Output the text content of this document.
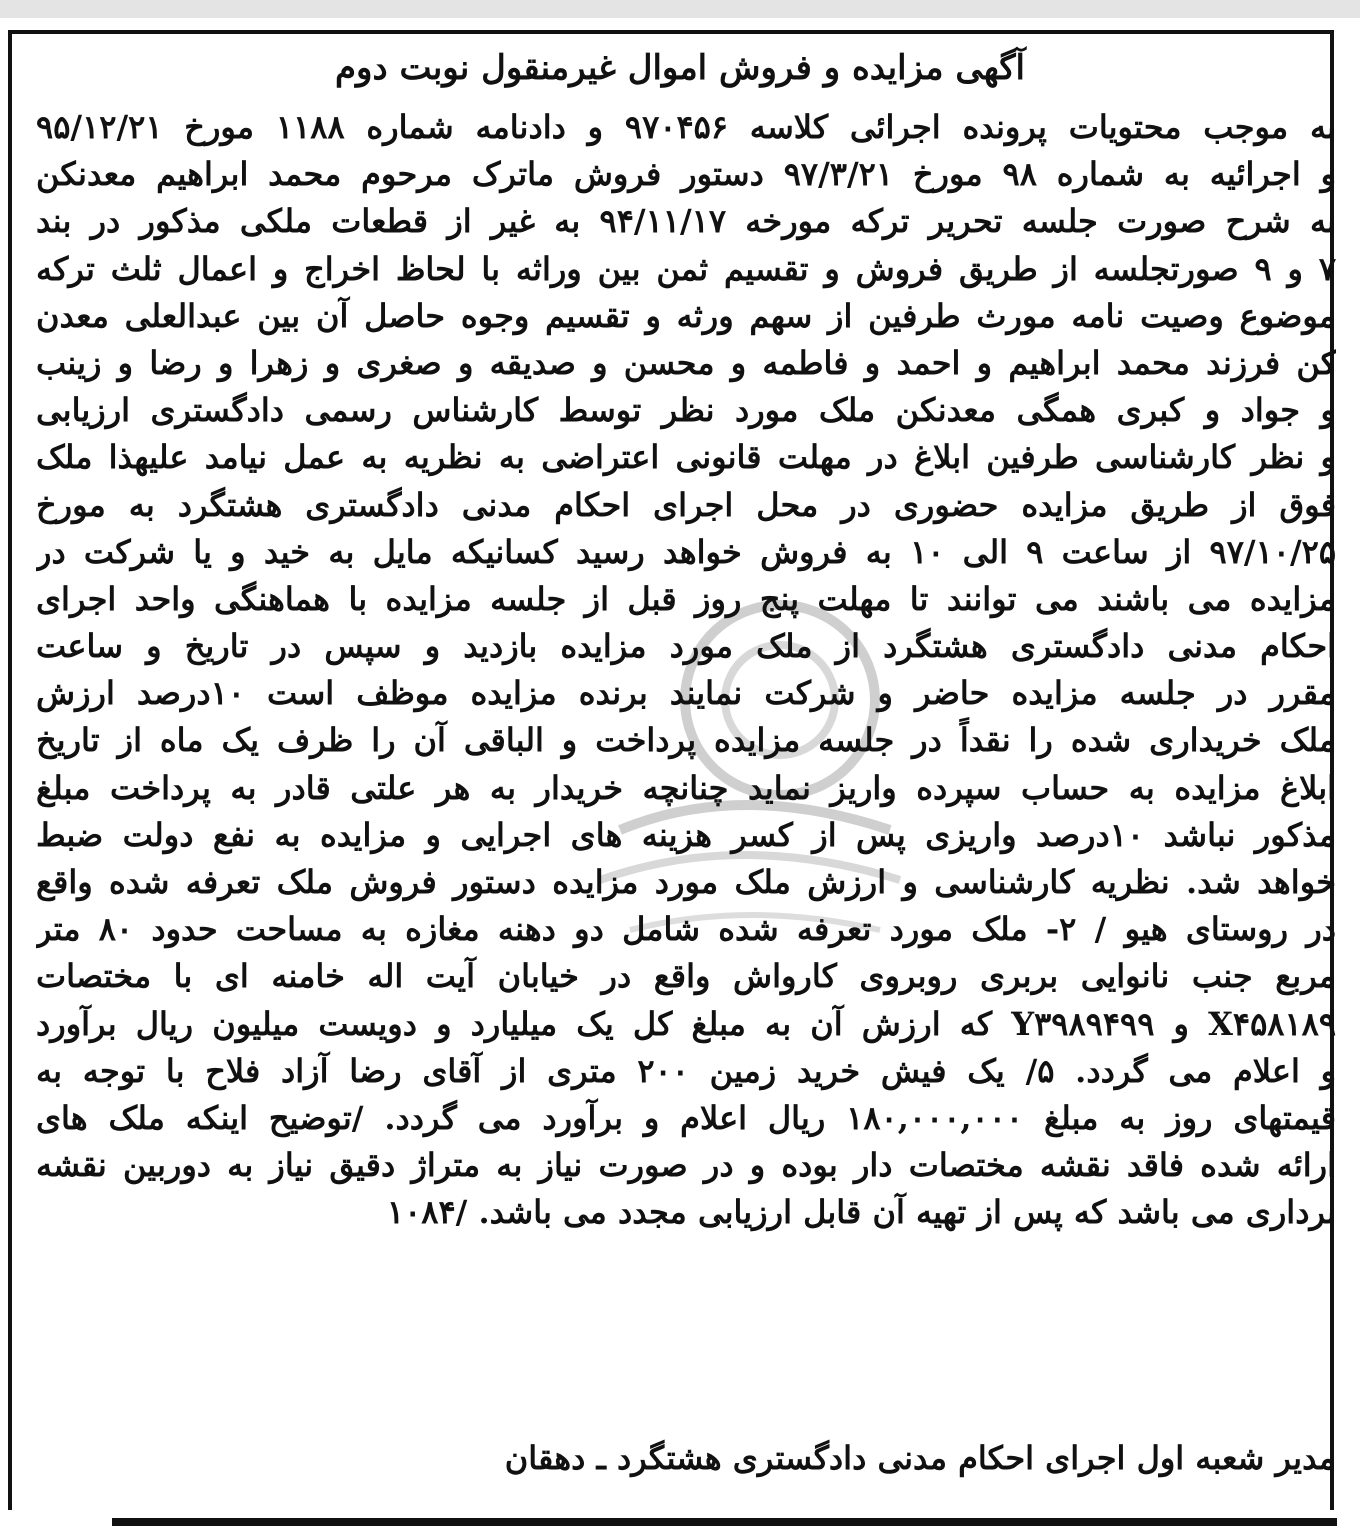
آگهی مزایده و فروش اموال غیرمنقول نوبت دوم
به موجب محتویات پرونده اجرائی کلاسه ۹۷۰۴۵۶ و دادنامه شماره ۱۱۸۸ مورخ ۹۵/۱۲/۲۱
و اجرائیه به شماره ۹۸ مورخ ۹۷/۳/۲۱ دستور فروش ماترک مرحوم محمد ابراهیم معدنکن
به شرح صورت جلسه تحریر ترکه مورخه ۹۴/۱۱/۱۷ به غیر از قطعات ملکی مذکور در بند
۷ و ۹ صورتجلسه از طریق فروش و تقسیم ثمن بین وراثه با لحاظ اخراج و اعمال ثلث ترکه
موضوع وصیت نامه مورث طرفین از سهم ورثه و تقسیم وجوه حاصل آن بین عبدالعلی معدن
کن فرزند محمد ابراهیم و احمد و فاطمه و محسن و صدیقه و صغری و زهرا و رضا و زینب
و جواد و کبری همگی معدنکن ملک مورد نظر توسط کارشناس رسمی دادگستری ارزیابی
و نظر کارشناسی طرفین ابلاغ در مهلت قانونی اعتراضی به نظریه به عمل نیامد علیهذا ملک
فوق از طریق مزایده حضوری در محل اجرای احکام مدنی دادگستری هشتگرد به مورخ
۹۷/۱۰/۲۵ از ساعت ۹ الی ۱۰ به فروش خواهد رسید کسانیکه مایل به خید و یا شرکت در
مزایده می باشند می توانند تا مهلت پنج روز قبل از جلسه مزایده با هماهنگی واحد اجرای
احکام مدنی دادگستری هشتگرد از ملک مورد مزایده بازدید و سپس در تاریخ و ساعت
مقرر در جلسه مزایده حاضر و شرکت نمایند برنده مزایده موظف است ۱۰درصد ارزش
ملک خریداری شده را نقداً در جلسه مزایده پرداخت و الباقی آن را ظرف یک ماه از تاریخ
ابلاغ مزایده به حساب سپرده واریز نماید چنانچه خریدار به هر علتی قادر به پرداخت مبلغ
مذکور نباشد ۱۰درصد واریزی پس از کسر هزینه های اجرایی و مزایده به نفع دولت ضبط
خواهد شد. نظریه کارشناسی و ارزش ملک مورد مزایده دستور فروش ملک تعرفه شده واقع
در روستای هیو / ۲- ملک مورد تعرفه شده شامل دو دهنه مغازه به مساحت حدود ۸۰ متر
مربع جنب نانوایی بربری روبروی کارواش واقع در خیابان آیت اله خامنه ای با مختصات
X۴۵۸۱۸۹ و Y۳۹۸۹۴۹۹ که ارزش آن به مبلغ کل یک میلیارد و دویست میلیون ریال برآورد
و اعلام می گردد. ۵/ یک فیش خرید زمین ۲۰۰ متری از آقای رضا آزاد فلاح با توجه به
قیمتهای روز به مبلغ ۱۸۰,۰۰۰,۰۰۰ ریال اعلام و برآورد می گردد. /توضیح اینکه ملک های
ارائه شده فاقد نقشه مختصات دار بوده و در صورت نیاز به متراژ دقیق نیاز به دوربین نقشه
برداری می باشد که پس از تهیه آن قابل ارزیابی مجدد می باشد. /۱۰۸۴
مدیر شعبه اول اجرای احکام مدنی دادگستری هشتگرد ـ دهقان
